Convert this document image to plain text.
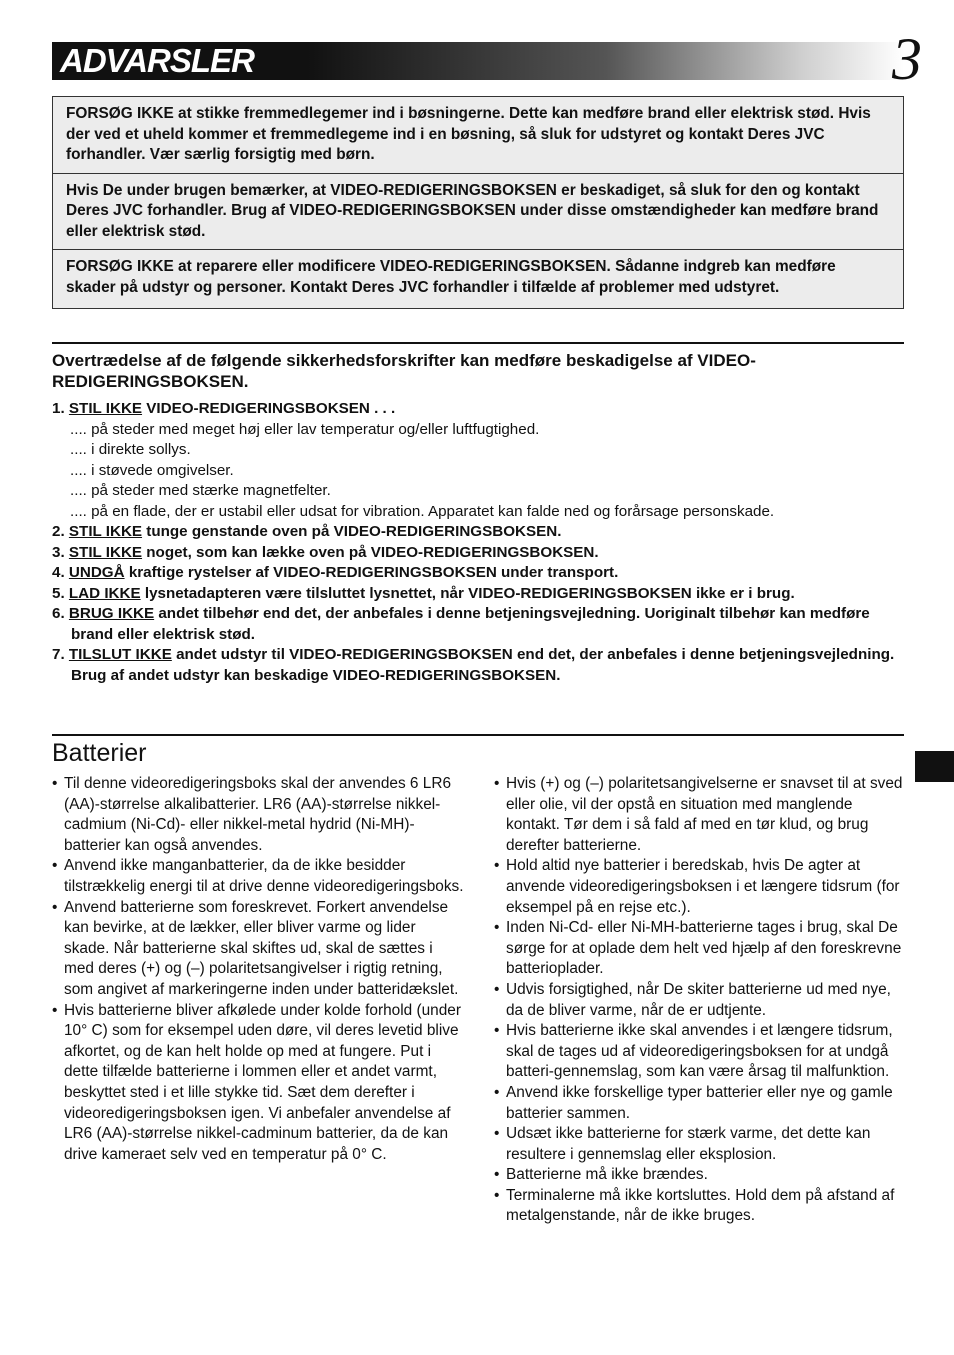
ADVARSLER	3
FORSØG IKKE at stikke fremmedlegemer ind i bøsningerne. Dette kan medføre brand eller elektrisk stød. Hvis der ved et uheld kommer et fremmedlegeme ind i en bøsning, så sluk for udstyret og kontakt Deres JVC forhandler. Vær særlig forsigtig med børn.
Hvis De under brugen bemærker, at VIDEO-REDIGERINGSBOKSEN er beskadiget, så sluk for den og kontakt Deres JVC forhandler. Brug af VIDEO-REDIGERINGSBOKSEN under disse omstændigheder kan medføre brand eller elektrisk stød.
FORSØG IKKE at reparere eller modificere VIDEO-REDIGERINGSBOKSEN. Sådanne indgreb kan medføre skader på udstyr og personer. Kontakt Deres JVC forhandler i tilfælde af problemer med udstyret.

Overtrædelse af de følgende sikkerhedsforskrifter kan medføre beskadigelse af VIDEO-REDIGERINGSBOKSEN.

1. STIL IKKE VIDEO-REDIGERINGSBOKSEN . . .
.... på steder med meget høj eller lav temperatur og/eller luftfugtighed.
.... i direkte sollys.
.... i støvede omgivelser.
.... på steder med stærke magnetfelter.
.... på en flade, der er ustabil eller udsat for vibration. Apparatet kan falde ned og forårsage personskade.
2. STIL IKKE tunge genstande oven på VIDEO-REDIGERINGSBOKSEN.
3. STIL IKKE noget, som kan lække oven på VIDEO-REDIGERINGSBOKSEN.
4. UNDGÅ kraftige rystelser af VIDEO-REDIGERINGSBOKSEN under transport.
5. LAD IKKE lysnetadapteren være tilsluttet lysnettet, når VIDEO-REDIGERINGSBOKSEN ikke er i brug.
6. BRUG IKKE andet tilbehør end det, der anbefales i denne betjeningsvejledning. Uoriginalt tilbehør kan medføre brand eller elektrisk stød.
7. TILSLUT IKKE andet udstyr til VIDEO-REDIGERINGSBOKSEN end det, der anbefales i denne betjeningsvejledning. Brug af andet udstyr kan beskadige VIDEO-REDIGERINGSBOKSEN.
Batterier
• Til denne videoredigeringsboks skal der anvendes 6 LR6 (AA)-størrelse alkalibatterier. LR6 (AA)-størrelse nikkel-cadmium (Ni-Cd)- eller nikkel-metal hydrid (Ni-MH)-batterier kan også anvendes.
• Anvend ikke manganbatterier, da de ikke besidder tilstrækkelig energi til at drive denne videoredigeringsboks.
• Anvend batterierne som foreskrevet. Forkert anvendelse kan bevirke, at de lækker, eller bliver varme og lider skade. Når batterierne skal skiftes ud, skal de sættes i med deres (+) og (–) polaritetsangivelser i rigtig retning, som angivet af markeringerne inden under batteridækslet.
• Hvis batterierne bliver afkølede under kolde forhold (under 10° C) som for eksempel uden døre, vil deres levetid blive afkortet, og de kan helt holde op med at fungere. Put i dette tilfælde batterierne i lommen eller et andet varmt, beskyttet sted i et lille stykke tid. Sæt dem derefter i videoredigeringsboksen igen. Vi anbefaler anvendelse af LR6 (AA)-størrelse nikkel-cadminum batterier, da de kan drive kameraet selv ved en temperatur på 0° C.
• Hvis (+) og (–) polaritetsangivelserne er snavset til at sved eller olie, vil der opstå en situation med manglende kontakt. Tør dem i så fald af med en tør klud, og brug derefter batterierne.
• Hold altid nye batterier i beredskab, hvis De agter at anvende videoredigeringsboksen i et længere tidsrum (for eksempel på en rejse etc.).
• Inden Ni-Cd- eller Ni-MH-batterierne tages i brug, skal De sørge for at oplade dem helt ved hjælp af den foreskrevne batterioplader.
• Udvis forsigtighed, når De skiter batterierne ud med nye, da de bliver varme, når de er udtjente.
• Hvis batterierne ikke skal anvendes i et længere tidsrum, skal de tages ud af videoredigeringsboksen for at undgå batteri-gennemslag, som kan være årsag til malfunktion.
• Anvend ikke forskellige typer batterier eller nye og gamle batterier sammen.
• Udsæt ikke batterierne for stærk varme, det dette kan resultere i gennemslag eller eksplosion.
• Batterierne må ikke brændes.
• Terminalerne må ikke kortsluttes. Hold dem på afstand af metalgenstande, når de ikke bruges.
